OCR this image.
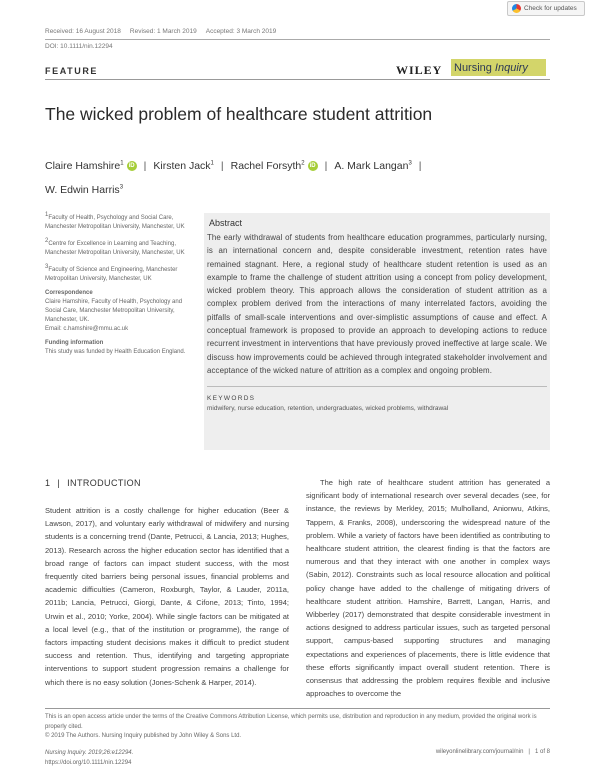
Check for updates
Received: 16 August 2018 Revised: 1 March 2019 Accepted: 3 March 2019
DOI: 10.1111/nin.12294
FEATURE	WILEY Nursing Inquiry
The wicked problem of healthcare student attrition
Claire Hamshire$^1$ iD | Kirsten Jack$^1$ | Rachel Forsyth$^2$ iD | A. Mark Langan$^3$ |
W. Edwin Harris$^3$

$^1$Faculty of Health, Psychology and Social Care, Manchester Metropolitan University, Manchester, UK

$^2$Centre for Excellence in Learning and Teaching, Manchester Metropolitan University, Manchester, UK

$^3$Faculty of Science and Engineering, Manchester Metropolitan University, Manchester, UK

Correspondence

Claire Hamshire, Faculty of Health, Psychology and Social Care, Manchester Metropolitan University, Manchester, UK.

Email: c.hamshire@mmu.ac.uk

Funding information

This study was funded by Health Education England.

Abstract
The early withdrawal of students from healthcare education programmes, particularly nursing, is an international concern and, despite considerable investment, retention rates have remained stagnant. Here, a regional study of healthcare student retention is used as an example to frame the challenge of student attrition using a concept from policy development, wicked problem theory. This approach allows the consideration of student attrition as a complex problem derived from the interactions of many interrelated factors, avoiding the pitfalls of small-scale interventions and over-simplistic assumptions of cause and effect. A conceptual framework is proposed to provide an approach to developing actions to reduce recurrent investment in interventions that have previously proved ineffective at large scale. We discuss how improvements could be achieved through integrated stakeholder involvement and acceptance of the wicked nature of attrition as a complex and ongoing problem.
KEYWORDS
midwifery, nurse education, retention, undergraduates, wicked problems, withdrawal
1 | INTRODUCTION
Student attrition is a costly challenge for higher education (Beer & Lawson, 2017), and voluntary early withdrawal of midwifery and nursing students is a concerning trend (Dante, Petrucci, & Lancia, 2013; Hughes, 2013). Research across the higher education sector has identified that a broad range of factors can impact student success, with the most frequently cited barriers being personal issues, financial problems and academic difficulties (Cameron, Roxburgh, Taylor, & Lauder, 2011a, 2011b; Lancia, Petrucci, Giorgi, Dante, & Cifone, 2013; Tinto, 1994; Urwin et al., 2010; Yorke, 2004). While single factors can be mitigated at a local level (e.g., that of the institution or programme), the range of factors impacting student decisions makes it difficult to predict student success and retention. Thus, identifying and targeting appropriate interventions to support student progression remains a challenge for which there is no easy solution (Jones-Schenk & Harper, 2014).
The high rate of healthcare student attrition has generated a significant body of international research over several decades (see, for instance, the reviews by Merkley, 2015; Mulholland, Anionwu, Atkins, Tappern, & Franks, 2008), underscoring the widespread nature of the problem. While a variety of factors have been identified as contributing to healthcare student attrition, the clearest finding is that the factors are numerous and that they interact with one another in complex ways (Sabin, 2012). Constraints such as local resource allocation and political policy change have added to the challenge of mitigating drivers of healthcare student attrition. Hamshire, Barrett, Langan, Harris, and Wibberley (2017) demonstrated that despite considerable investment in actions designed to address particular issues, such as targeted personal support, campus-based supporting structures and managing expectations and experiences of placements, there is little evidence that these efforts significantly impact overall student retention. There is consensus that addressing the problem requires flexible and inclusive approaches to overcome the
This is an open access article under the terms of the Creative Commons Attribution License, which permits use, distribution and reproduction in any medium, provided the original work is properly cited.
© 2019 The Authors. Nursing Inquiry published by John Wiley & Sons Ltd.
Nursing Inquiry. 2019;26:e12294.
https://doi.org/10.1111/nin.12294
wileyonlinelibrary.com/journal/nin | 1 of 8
